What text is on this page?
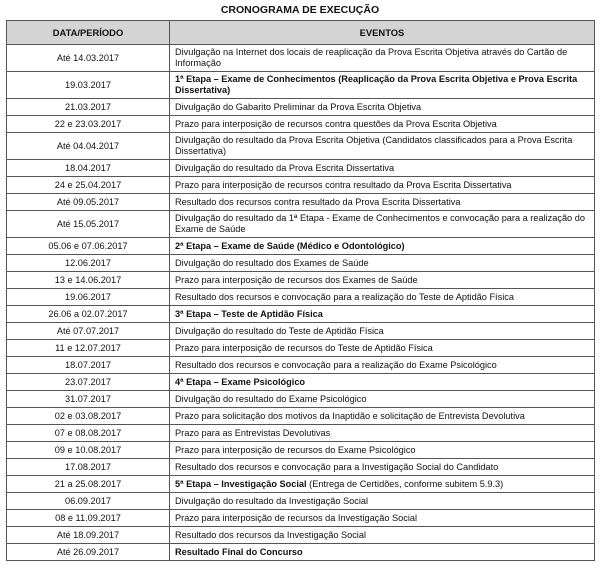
CRONOGRAMA DE EXECUÇÃO
DATA/PERÍODO	EVENTOS
Até 14.03.2017	Divulgação na Internet dos locais de reaplicação da Prova Escrita Objetiva através do Cartão de Informação
19.03.2017	1ª Etapa – Exame de Conhecimentos (Reaplicação da Prova Escrita Objetiva e Prova Escrita Dissertativa)
21.03.2017	Divulgação do Gabarito Preliminar da Prova Escrita Objetiva
22 e 23.03.2017	Prazo para interposição de recursos contra questões da Prova Escrita Objetiva
Até 04.04.2017	Divulgação do resultado da Prova Escrita Objetiva (Candidatos classificados para a Prova Escrita Dissertativa)
18.04.2017	Divulgação do resultado da Prova Escrita Dissertativa
24 e 25.04.2017	Prazo para interposição de recursos contra resultado da Prova Escrita Dissertativa
Até 09.05.2017	Resultado dos recursos contra resultado da Prova Escrita Dissertativa
Até 15.05.2017	Divulgação do resultado da 1ª Etapa - Exame de Conhecimentos e convocação para a realização do Exame de Saúde
05.06 e 07.06.2017	2ª Etapa – Exame de Saúde (Médico e Odontológico)
12.06.2017	Divulgação do resultado dos Exames de Saúde
13 e 14.06.2017	Prazo para interposição de recursos dos Exames de Saúde
19.06.2017	Resultado dos recursos e convocação para a realização do Teste de Aptidão Física
26.06 a 02.07.2017	3ª Etapa – Teste de Aptidão Física
Até 07.07.2017	Divulgação do resultado do Teste de Aptidão Física
11 e 12.07.2017	Prazo para interposição de recursos do Teste de Aptidão Física
18.07.2017	Resultado dos recursos e convocação para a realização do Exame Psicológico
23.07.2017	4ª Etapa – Exame Psicológico
31.07.2017	Divulgação do resultado do Exame Psicológico
02 e 03.08.2017	Prazo para solicitação dos motivos da Inaptidão e solicitação de Entrevista Devolutiva
07 e 08.08.2017	Prazo para as Entrevistas Devolutivas
09 e 10.08.2017	Prazo para interposição de recursos do Exame Psicológico
17.08.2017	Resultado dos recursos e convocação para a Investigação Social do Candidato
21 a 25.08.2017	5ª Etapa – Investigação Social (Entrega de Certidões, conforme subitem 5.9.3)
06.09.2017	Divulgação do resultado da Investigação Social
08 e 11.09.2017	Prazo para interposição de recursos da Investigação Social
Até 18.09.2017	Resultado dos recursos da Investigação Social
Até 26.09.2017	Resultado Final do Concurso
